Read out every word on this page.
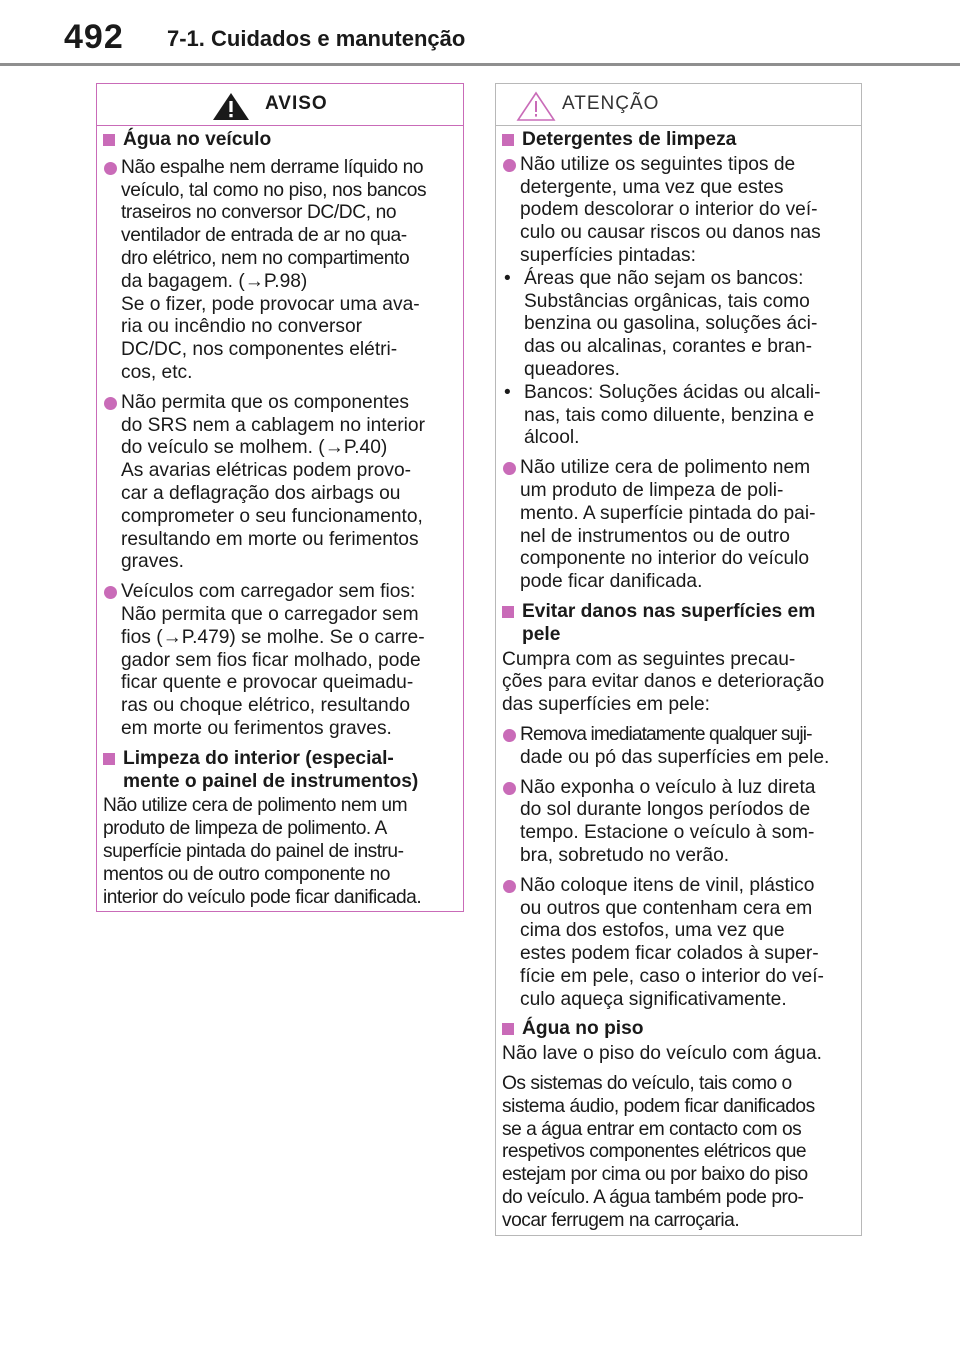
492 7-1. Cuidados e manutenção
AVISO
Água no veículo
Não espalhe nem derrame líquido no
veículo, tal como no piso, nos bancos
traseiros no conversor DC/DC, no
ventilador de entrada de ar no qua-
dro elétrico, nem no compartimento
da bagagem. (→P.98)
Se o fizer, pode provocar uma ava-
ria ou incêndio no conversor
DC/DC, nos componentes elétri-
cos, etc.
Não permita que os componentes
do SRS nem a cablagem no interior
do veículo se molhem. (→P.40)
As avarias elétricas podem provo-
car a deflagração dos airbags ou
comprometer o seu funcionamento,
resultando em morte ou ferimentos
graves.
Veículos com carregador sem fios:
Não permita que o carregador sem
fios (→P.479) se molhe. Se o carre-
gador sem fios ficar molhado, pode
ficar quente e provocar queimadu-
ras ou choque elétrico, resultando
em morte ou ferimentos graves.
Limpeza do interior (especial-
mente o painel de instrumentos)
Não utilize cera de polimento nem um
produto de limpeza de polimento. A
superfície pintada do painel de instru-
mentos ou de outro componente no
interior do veículo pode ficar danificada.
ATENÇÃO
Detergentes de limpeza
Não utilize os seguintes tipos de
detergente, uma vez que estes
podem descolorar o interior do veí-
culo ou causar riscos ou danos nas
superfícies pintadas:
• Áreas que não sejam os bancos:
Substâncias orgânicas, tais como
benzina ou gasolina, soluções áci-
das ou alcalinas, corantes e bran-
queadores.
• Bancos: Soluções ácidas ou alcali-
nas, tais como diluente, benzina e
álcool.
Não utilize cera de polimento nem
um produto de limpeza de poli-
mento. A superfície pintada do pai-
nel de instrumentos ou de outro
componente no interior do veículo
pode ficar danificada.
Evitar danos nas superfícies em
pele
Cumpra com as seguintes precau-
ções para evitar danos e deterioração
das superfícies em pele:
Remova imediatamente qualquer suji-
dade ou pó das superfícies em pele.
Não exponha o veículo à luz direta
do sol durante longos períodos de
tempo. Estacione o veículo à som-
bra, sobretudo no verão.
Não coloque itens de vinil, plástico
ou outros que contenham cera em
cima dos estofos, uma vez que
estes podem ficar colados à super-
fície em pele, caso o interior do veí-
culo aqueça significativamente.
Água no piso
Não lave o piso do veículo com água.
Os sistemas do veículo, tais como o
sistema áudio, podem ficar danificados
se a água entrar em contacto com os
respetivos componentes elétricos que
estejam por cima ou por baixo do piso
do veículo. A água também pode pro-
vocar ferrugem na carroçaria.
